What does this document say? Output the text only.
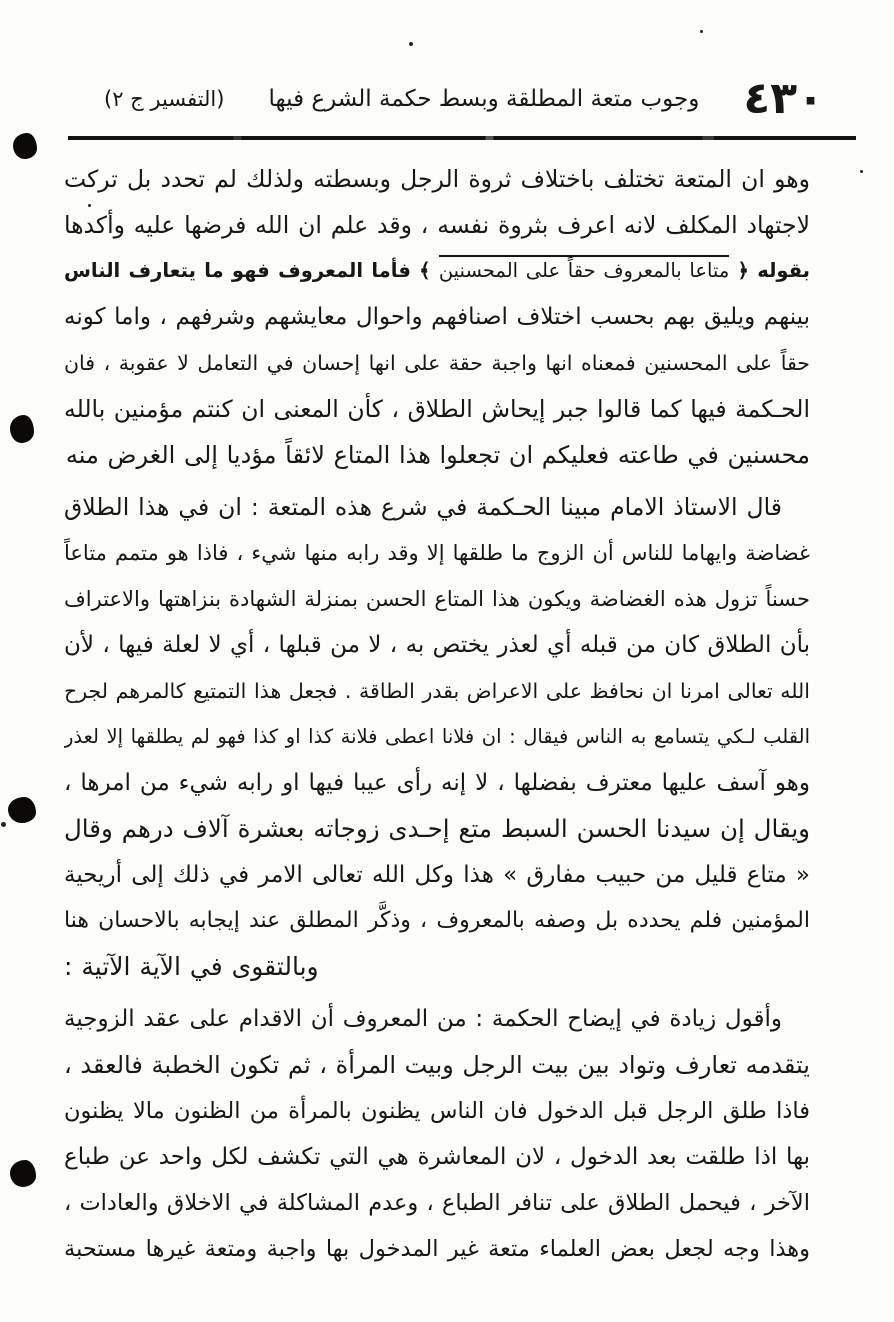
٤٣٠
وجوب متعة المطلقة وبسط حكمة الشرع فيها
(التفسير ج ٢)
وهو ان المتعة تختلف باختلاف ثروة الرجل وبسطته ولذلك لم تحدد بل تركت
لاجتهاد المكلف لانه اعرف بثروة نفسه ، وقد علم ان الله فرضها عليه وأكدها
بقوله ﴿ متاعا بالمعروف حقاً على المحسنين ﴾ فأما المعروف فهو ما يتعارف الناس
بينهم ويليق بهم بحسب اختلاف اصنافهم واحوال معايشهم وشرفهم ، واما كونه
حقاً على المحسنين فمعناه انها واجبة حقة على انها إحسان في التعامل لا عقوبة ، فان
الحـكمة فيها كما قالوا جبر إيحاش الطلاق ، كأن المعنى ان كنتم مؤمنين بالله
محسنين في طاعته فعليكم ان تجعلوا هذا المتاع لائقاً مؤديا إلى الغرض منه
قال الاستاذ الامام مبينا الحـكمة في شرع هذه المتعة : ان في هذا الطلاق
غضاضة وايهاما للناس أن الزوج ما طلقها إلا وقد رابه منها شيء ، فاذا هو متمم متاعاً
حسناً تزول هذه الغضاضة ويكون هذا المتاع الحسن بمنزلة الشهادة بنزاهتها والاعتراف
بأن الطلاق كان من قبله أي لعذر يختص به ، لا من قبلها ، أي لا لعلة فيها ، لأن
الله تعالى امرنا ان نحافظ على الاعراض بقدر الطاقة . فجعل هذا التمتيع كالمرهم لجرح
القلب لـكي يتسامع به الناس فيقال : ان فلانا اعطى فلانة كذا او كذا فهو لم يطلقها إلا لعذر
وهو آسف عليها معترف بفضلها ، لا إنه رأى عيبا فيها او رابه شيء من امرها ،
ويقال إن سيدنا الحسن السبط متع إحـدى زوجاته بعشرة آلاف درهم وقال
« متاع قليل من حبيب مفارق » هذا وكل الله تعالى الامر في ذلك إلى أريحية
المؤمنين فلم يحدده بل وصفه بالمعروف ، وذكَّر المطلق عند إيجابه بالاحسان هنا
وبالتقوى في الآية الآتية :
وأقول زيادة في إيضاح الحكمة : من المعروف أن الاقدام على عقد الزوجية
يتقدمه تعارف وتواد بين بيت الرجل وبيت المرأة ، ثم تكون الخطبة فالعقد ،
فاذا طلق الرجل قبل الدخول فان الناس يظنون بالمرأة من الظنون مالا يظنون
بها اذا طلقت بعد الدخول ، لان المعاشرة هي التي تكشف لكل واحد عن طباع
الآخر ، فيحمل الطلاق على تنافر الطباع ، وعدم المشاكلة في الاخلاق والعادات ،
وهذا وجه لجعل بعض العلماء متعة غير المدخول بها واجبة ومتعة غيرها مستحبة
